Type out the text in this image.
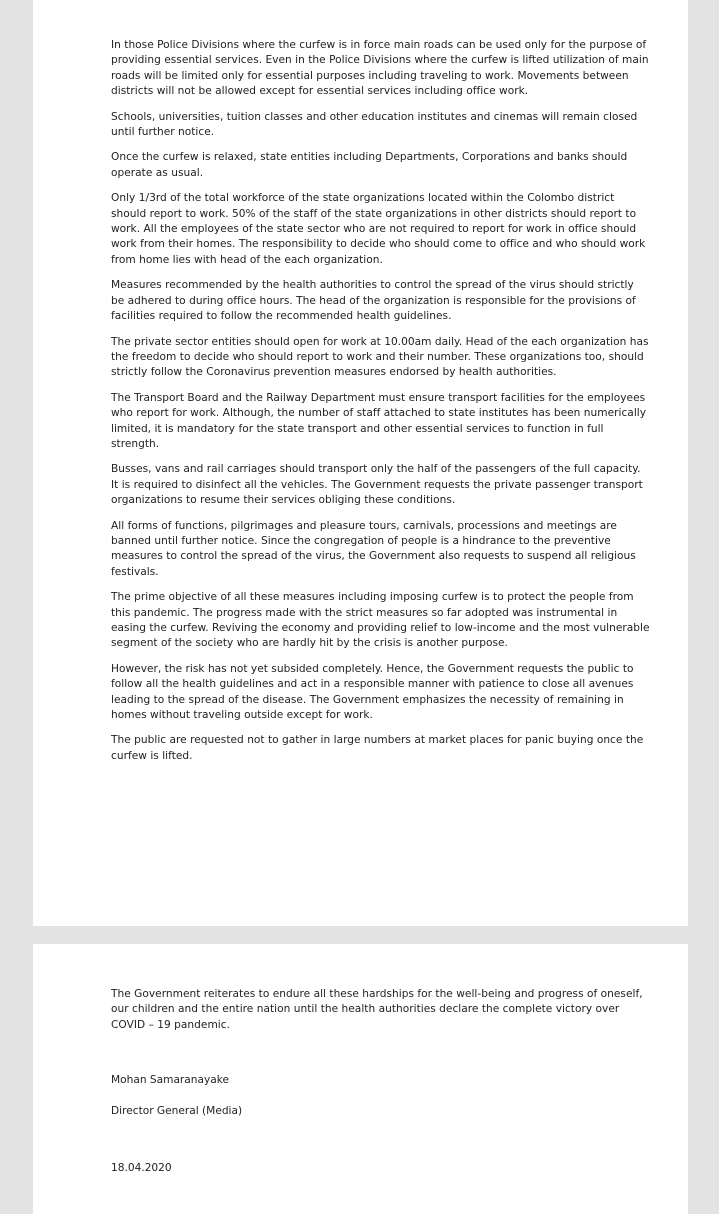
In those Police Divisions where the curfew is in force main roads can be used only for the purpose of providing essential services. Even in the Police Divisions where the curfew is lifted utilization of main roads will be limited only for essential purposes including traveling to work. Movements between districts will not be allowed except for essential services including office work.

Schools, universities, tuition classes and other education institutes and cinemas will remain closed until further notice.

Once the curfew is relaxed, state entities including Departments, Corporations and banks should operate as usual.

Only 1/3rd of the total workforce of the state organizations located within the Colombo district should report to work. 50% of the staff of the state organizations in other districts should report to work. All the employees of the state sector who are not required to report for work in office should work from their homes. The responsibility to decide who should come to office and who should work from home lies with head of the each organization.

Measures recommended by the health authorities to control the spread of the virus should strictly be adhered to during office hours. The head of the organization is responsible for the provisions of facilities required to follow the recommended health guidelines.

The private sector entities should open for work at 10.00am daily. Head of the each organization has the freedom to decide who should report to work and their number. These organizations too, should strictly follow the Coronavirus prevention measures endorsed by health authorities.

The Transport Board and the Railway Department must ensure transport facilities for the employees who report for work. Although, the number of staff attached to state institutes has been numerically limited, it is mandatory for the state transport and other essential services to function in full strength.

Busses, vans and rail carriages should transport only the half of the passengers of the full capacity. It is required to disinfect all the vehicles. The Government requests the private passenger transport organizations to resume their services obliging these conditions.

All forms of functions, pilgrimages and pleasure tours, carnivals, processions and meetings are banned until further notice. Since the congregation of people is a hindrance to the preventive measures to control the spread of the virus, the Government also requests to suspend all religious festivals.

The prime objective of all these measures including imposing curfew is to protect the people from this pandemic. The progress made with the strict measures so far adopted was instrumental in easing the curfew. Reviving the economy and providing relief to low-income and the most vulnerable segment of the society who are hardly hit by the crisis is another purpose.

However, the risk has not yet subsided completely. Hence, the Government requests the public to follow all the health guidelines and act in a responsible manner with patience to close all avenues leading to the spread of the disease. The Government emphasizes the necessity of remaining in homes without traveling outside except for work.

The public are requested not to gather in large numbers at market places for panic buying once the curfew is lifted.

The Government reiterates to endure all these hardships for the well-being and progress of oneself, our children and the entire nation until the health authorities declare the complete victory over COVID – 19 pandemic.

Mohan Samaranayake

Director General (Media)

18.04.2020
